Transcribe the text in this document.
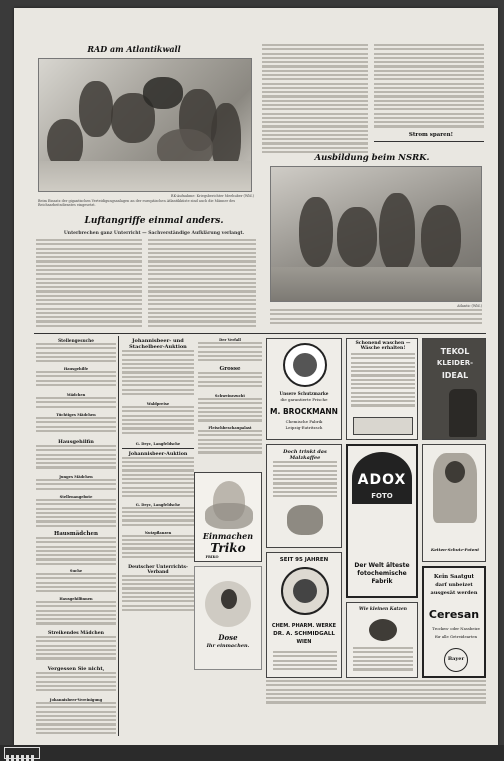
RAD am Atlantikwall
RK-Aufnahme: Kriegsberichter Meehuber (Wbl.)
Beim Einsatz der gigantischen Verteidigungsanlagen an der europäischen Atlantikküste sind auch die Männer des Reichsarbeitsdienstes eingesetzt.
Strom sparen!
Ausbildung beim NSRK.
Atlantic (Wbl.)
Luftangriffe einmal anders.
Unterbrechen ganz Unterricht — Sachverständige Aufklärung verlangt.
Stellengesuche
Hausgehilfe
Mädchen
Tüchtiges Mädchen
Hausgehilfin
Junges Mädchen
Stellenangebote
Hausmädchen
Suche
Hausgehilfinnen
Streikendes Mädchen
Vergessen Sie nicht,
Johannisbeer-Vereinigung
Johannisbeer- und Stachelbeer-Auktion
Waldpreise
G. Deyc, Langfeldsche
Johannisbeer-Auktion
G. Deyc, Langfeldsche
Nutzpflanzen
Deutscher Unterrichts-Verband
Einmachen
Triko
FRIKO
Dose
Ihr einmachen.
Der Verfall
Grosse
Schweinezucht
Fleischbeschaupalast
Unsere Schutzmarke
die garantierte Frische
M. BROCKMANN
Chemische Fabrik
Leipzig-Eutritzsch
Schonend waschen — Wäsche erhalten!	TEKOL
KLEIDER-
IDEAL
Doch trinkt das Malzkaffee
ADOX
FOTO
Der Welt älteste
fotochemische
Fabrik
Ketten-Schutz-Patent
SEIT 95 JAHREN
CHEM. PHARM. WERKE
DR. A. SCHMIDGALL
WIEN
Wie kleinen Katzen
Kein Saatgut
darf unbeizet
ausgesät werden
Ceresan
Trocken- oder Nassbeize
für alle Getreidearten
Bayer
